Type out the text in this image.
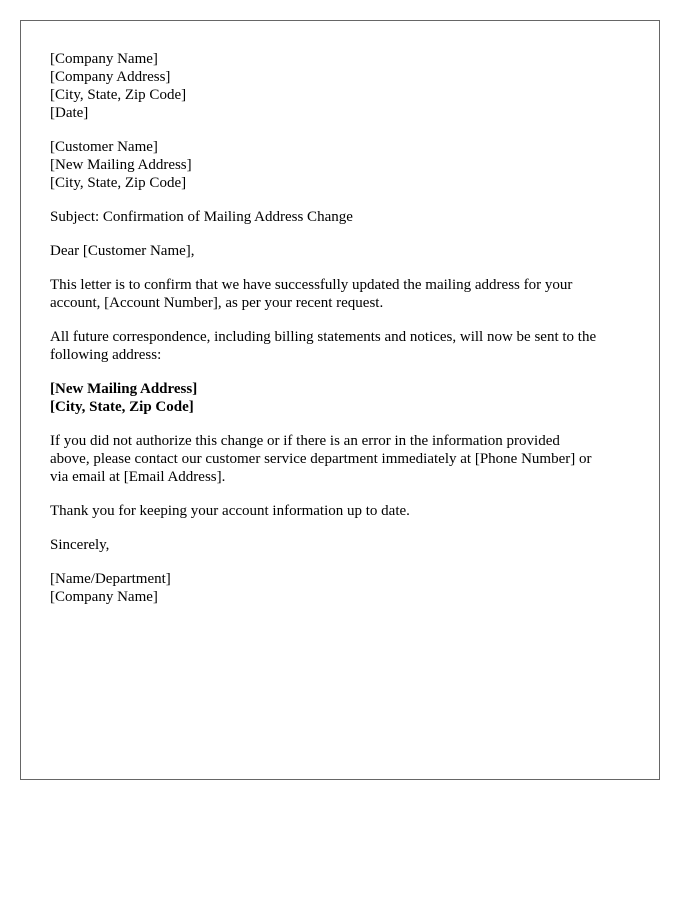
[Company Name]
[Company Address]
[City, State, Zip Code]
[Date]
[Customer Name]
[New Mailing Address]
[City, State, Zip Code]
Subject: Confirmation of Mailing Address Change
Dear [Customer Name],
This letter is to confirm that we have successfully updated the mailing address for your
account, [Account Number], as per your recent request.
All future correspondence, including billing statements and notices, will now be sent to the
following address:
[New Mailing Address]
[City, State, Zip Code]
If you did not authorize this change or if there is an error in the information provided
above, please contact our customer service department immediately at [Phone Number] or
via email at [Email Address].
Thank you for keeping your account information up to date.
Sincerely,
[Name/Department]
[Company Name]
